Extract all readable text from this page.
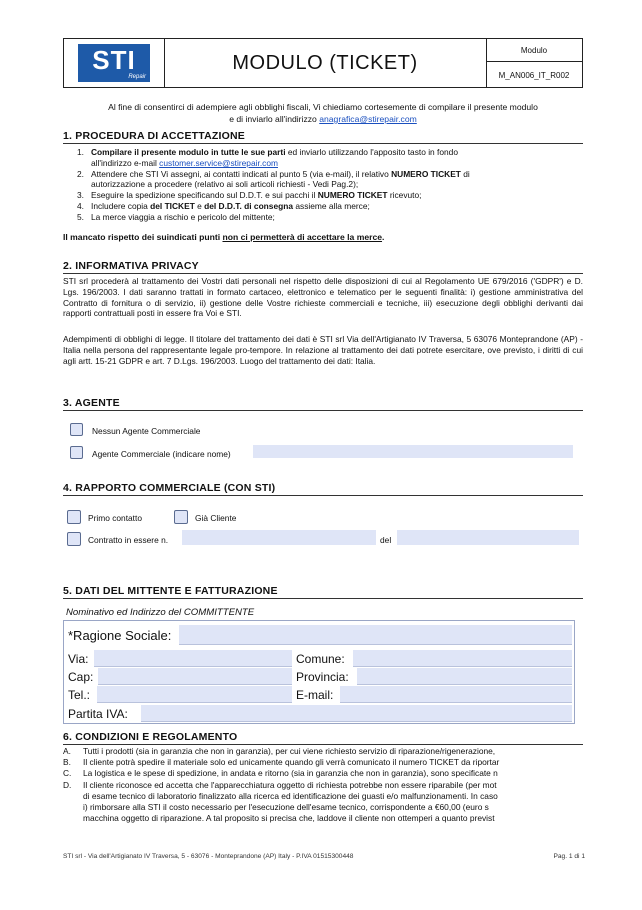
STI
Repair
MODULO (TICKET)
Modulo
M_AN006_IT_R002
Al fine di consentirci di adempiere agli obblighi fiscali, Vi chiediamo cortesemente di compilare il presente modulo
e di inviarlo all'indirizzo anagrafica@stirepair.com
1. PROCEDURA DI ACCETTAZIONE
1. Compilare il presente modulo in tutte le sue parti ed inviarlo utilizzando l'apposito tasto in fondo
all'indirizzo e-mail customer.service@stirepair.com
2. Attendere che STI Vi assegni, ai contatti indicati al punto 5 (via e-mail), il relativo NUMERO TICKET di
autorizzazione a procedere (relativo ai soli articoli richiesti - Vedi Pag.2);
3. Eseguire la spedizione specificando sul D.D.T. e sui pacchi il NUMERO TICKET ricevuto;
4. Includere copia del TICKET e del D.D.T. di consegna assieme alla merce;
5. La merce viaggia a rischio e pericolo del mittente;
Il mancato rispetto dei suindicati punti non ci permetterà di accettare la merce.
2. INFORMATIVA PRIVACY
STI srl procederà al trattamento dei Vostri dati personali nel rispetto delle disposizioni di cui al Regolamento UE 679/2016 ('GDPR') e D. Lgs. 196/2003. I dati saranno trattati in formato cartaceo, elettronico e telematico per le seguenti finalità: i) gestione amministrativa del Contratto di fornitura o di servizio, ii) gestione delle Vostre richieste commerciali e tecniche, iii) esecuzione degli obblighi derivanti dai rapporti contrattuali posti in essere fra Voi e STI.
Adempimenti di obblighi di legge. Il titolare del trattamento dei dati è STI srl Via dell'Artigianato IV Traversa, 5 63076 Monteprandone (AP) - Italia nella persona del rappresentante legale pro-tempore. In relazione al trattamento dei dati potrete esercitare, ove previsto, i diritti di cui agli artt. 15-21 GDPR e art. 7 D.Lgs. 196/2003. Luogo del trattamento dei dati: Italia.
3. AGENTE
Nessun Agente Commerciale
Agente Commerciale (indicare nome)
4. RAPPORTO COMMERCIALE (CON STI)
Primo contatto	Già Cliente
Contratto in essere n.	del
5. DATI DEL MITTENTE E FATTURAZIONE
Nominativo ed Indirizzo del COMMITTENTE
*Ragione Sociale:
Via:	Comune:
Cap:	Provincia:
Tel.:	E-mail:
Partita IVA:
6. CONDIZIONI E REGOLAMENTO
A.	Tutti i prodotti (sia in garanzia che non in garanzia), per cui viene richiesto servizio di riparazione/rigenerazione,
B.	Il cliente potrà spedire il materiale solo ed unicamente quando gli verrà comunicato il numero TICKET da riportar
C.	La logistica e le spese di spedizione, in andata e ritorno (sia in garanzia che non in garanzia), sono specificate n
D.	Il cliente riconosce ed accetta che l'apparecchiatura oggetto di richiesta potrebbe non essere riparabile (per mot
di esame tecnico di laboratorio finalizzato alla ricerca ed identificazione dei guasti e/o malfunzionamenti. In caso
i) rimborsare alla STI il costo necessario per l'esecuzione dell'esame tecnico, corrispondente a €60,00 (euro s
macchina oggetto di riparazione. A tal proposito si precisa che, laddove il cliente non ottemperi a quanto previst
STI srl - Via dell'Artigianato IV Traversa, 5 - 63076 - Monteprandone (AP) Italy - P.IVA 01515300448	Pag. 1 di 1
